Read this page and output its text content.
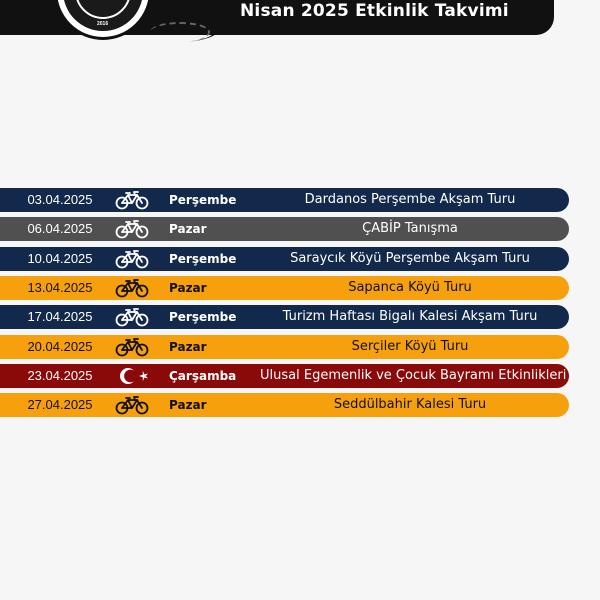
Nisan 2025 Etkinlik Takvimi
2016
03.04.2025	Perşembe	Dardanos Perşembe Akşam Turu
06.04.2025	Pazar	ÇABİP Tanışma
10.04.2025	Perşembe	Saraycık Köyü Perşembe Akşam Turu
13.04.2025	Pazar	Sapanca Köyü Turu
17.04.2025	Perşembe	Turizm Haftası Bigalı Kalesi Akşam Turu
20.04.2025	Pazar	Serçiler Köyü Turu
23.04.2025	Çarşamba Ulusal Egemenlik ve Çocuk Bayramı Etkinlikleri
27.04.2025	Pazar	Seddülbahir Kalesi Turu
